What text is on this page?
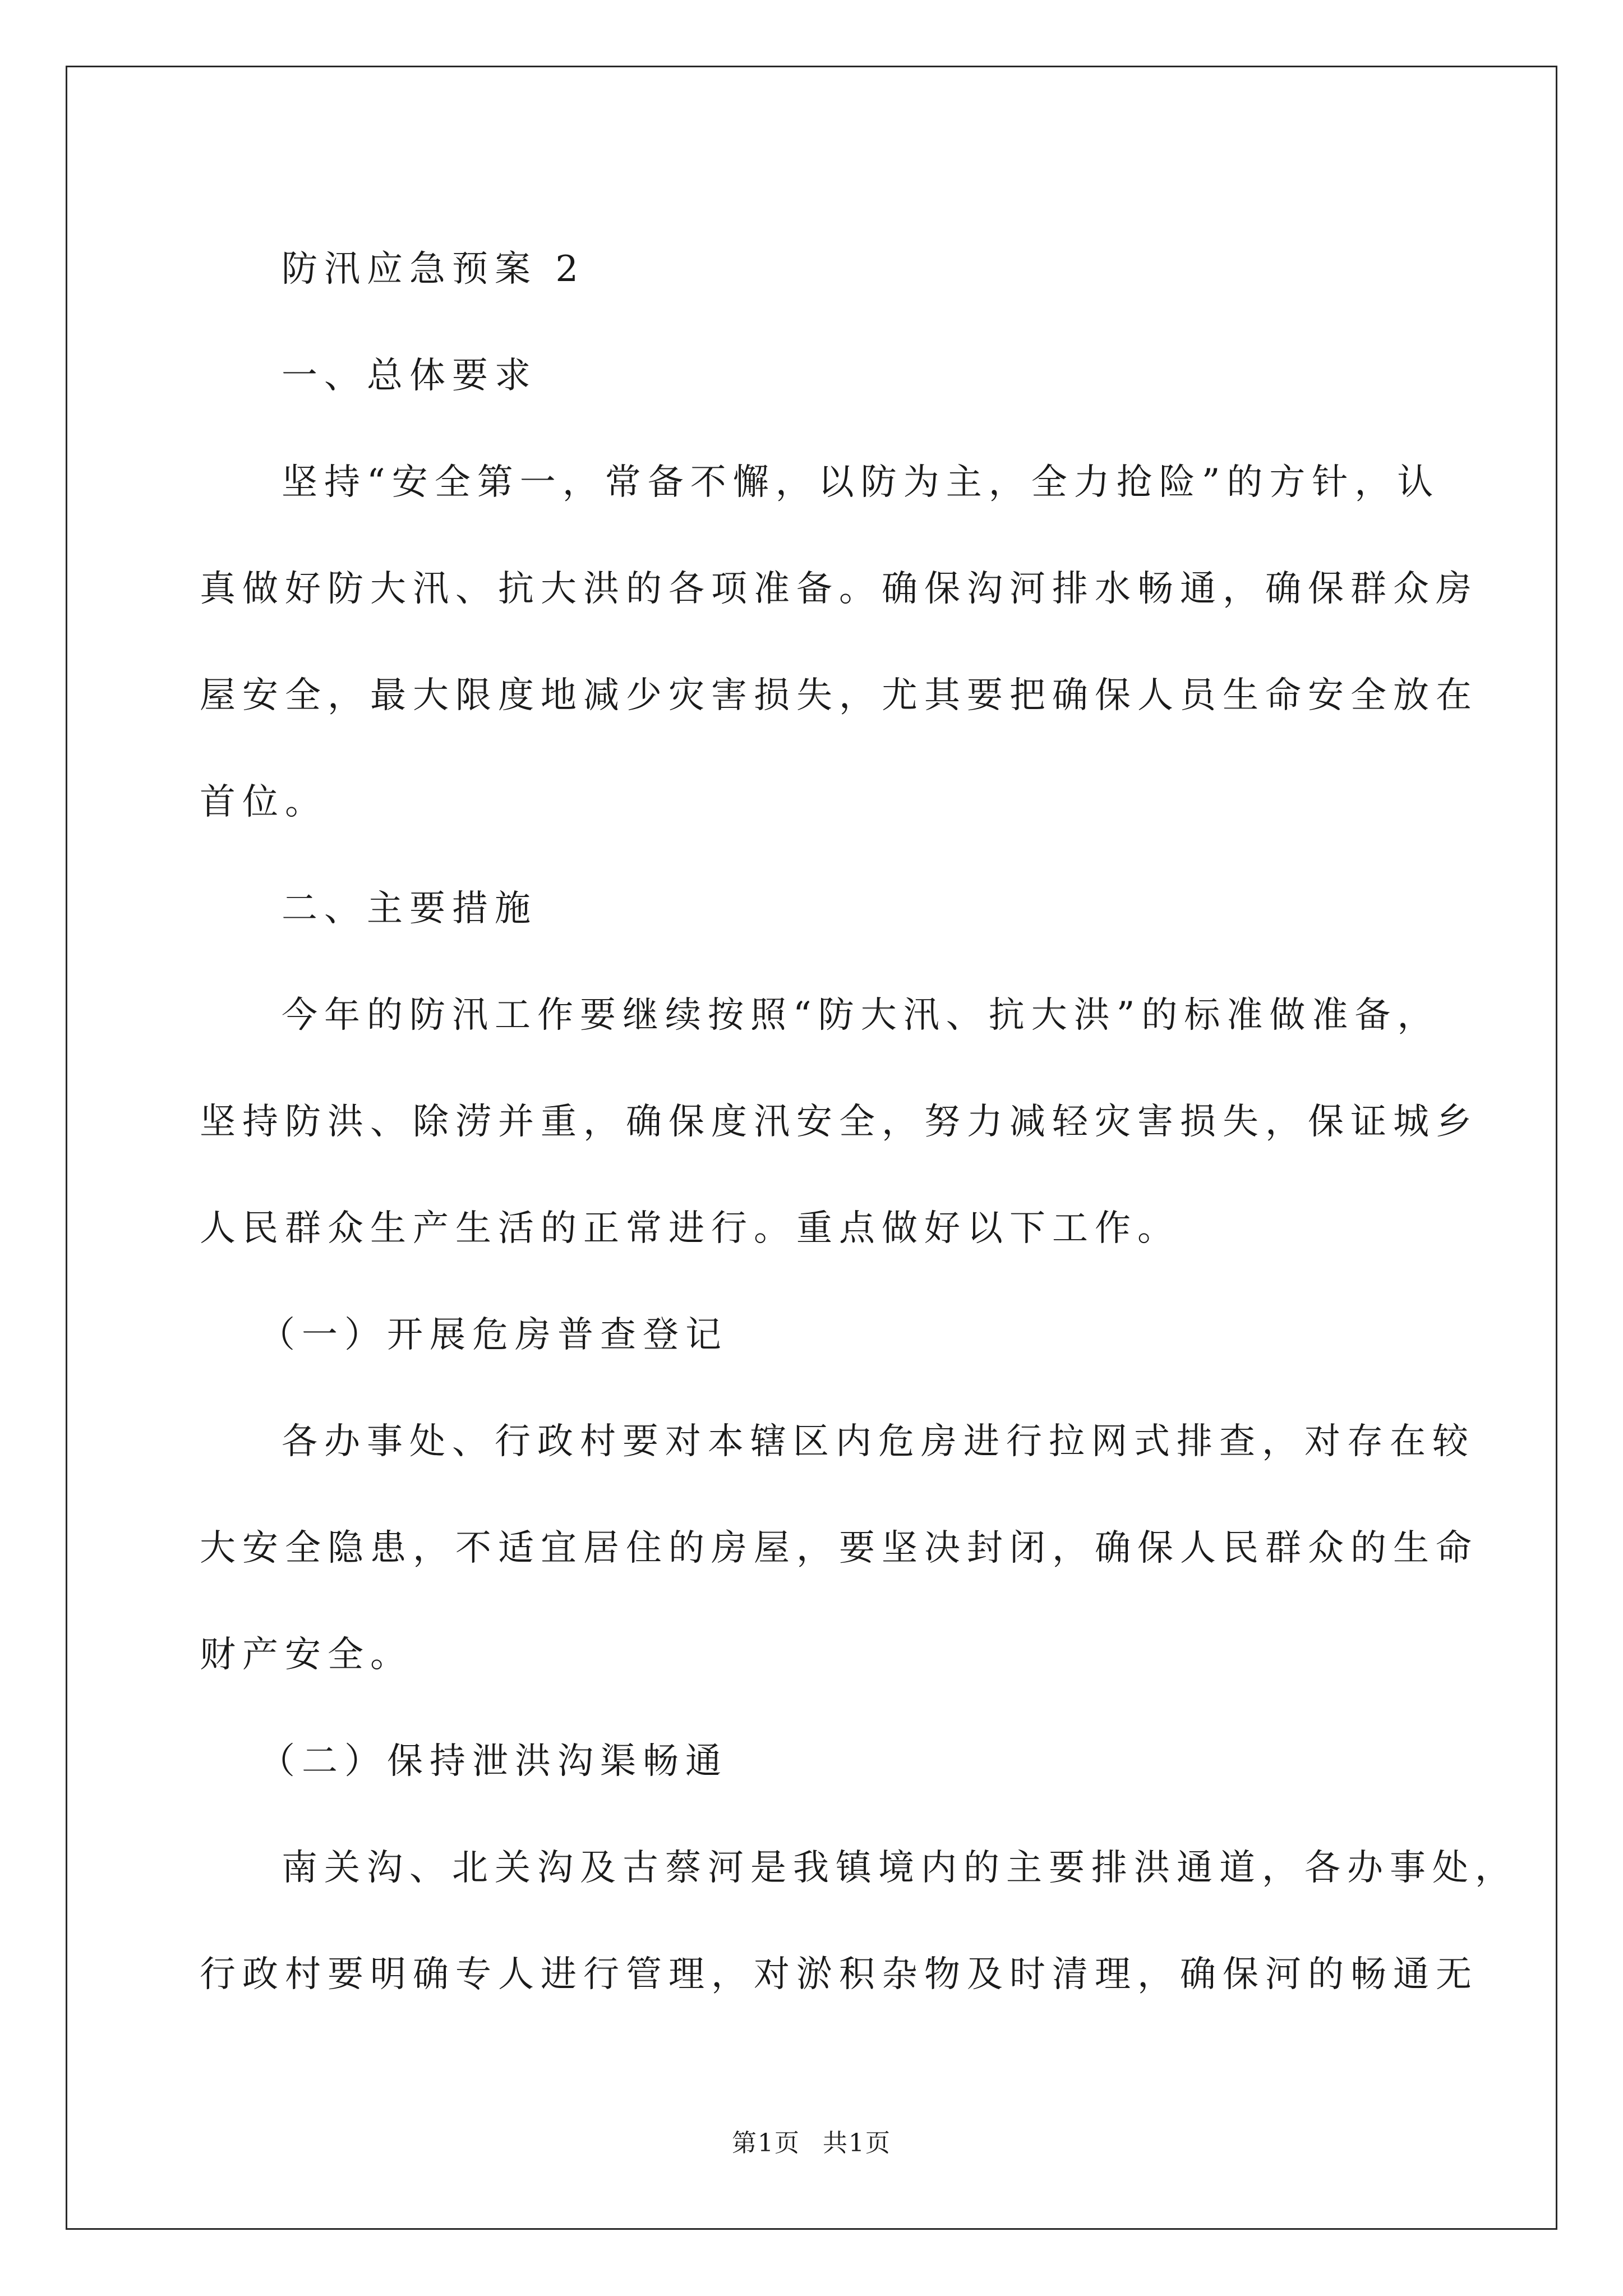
防汛应急预案 2
一、总体要求
坚持“安全第一，常备不懈，以防为主，全力抢险”的方针，认
真做好防大汛、抗大洪的各项准备。确保沟河排水畅通，确保群众房
屋安全，最大限度地减少灾害损失，尤其要把确保人员生命安全放在
首位。
二、主要措施
今年的防汛工作要继续按照“防大汛、抗大洪”的标准做准备，
坚持防洪、除涝并重，确保度汛安全，努力减轻灾害损失，保证城乡
人民群众生产生活的正常进行。重点做好以下工作。
（一）开展危房普查登记
各办事处、行政村要对本辖区内危房进行拉网式排查，对存在较
大安全隐患，不适宜居住的房屋，要坚决封闭，确保人民群众的生命
财产安全。
（二）保持泄洪沟渠畅通
南关沟、北关沟及古蔡河是我镇境内的主要排洪通道，各办事处，
行政村要明确专人进行管理，对淤积杂物及时清理，确保河的畅通无
第1页 共1页
